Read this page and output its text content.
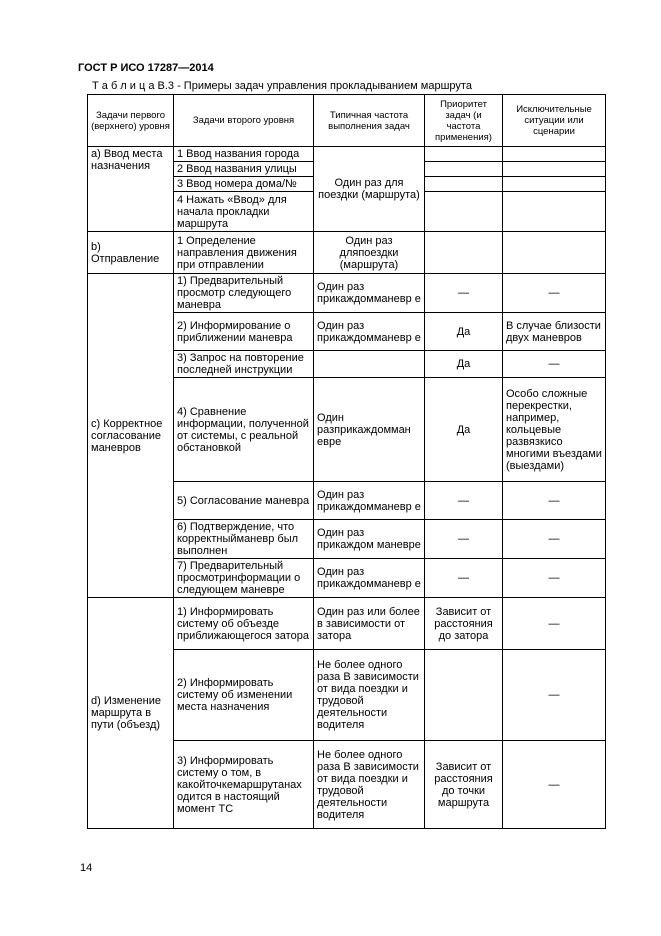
ГОСТ Р ИСО 17287—2014
Т а б л и ц а В.3 - Примеры задач управления прокладыванием маршрута
Задачи первого (верхнего) уровня	Задачи второго уровня	Типичная частота выполнения задач	Приоритет задач (и частота применения)	Исключительные ситуации или сценарии
a) Ввод места назначения	1 Ввод названия города	Один раз для поездки (маршрута)		
	2 Ввод названия улицы			
	3 Ввод номера дома/№			
	4 Нажать «Ввод» для начала прокладки маршрута			
b) Отправление	1 Определение направления движения при отправлении	Один раз дляпоездки (маршрута)		
c) Корректное согласование маневров	1) Предварительный просмотр следующего маневра	Один раз прикаждомманевр е	—	—
	2) Информирование о приближении маневра	Один раз прикаждомманевр е	Да	В случае близости двух маневров
	3) Запрос на повторение последней инструкции		Да	—
	4) Сравнение информации, полученной от системы, с реальной обстановкой	Один разприкаждомман евре	Да	Особо сложные перекрестки, например, кольцевые развязкисо многими въездами (выездами)
	5) Согласование маневра	Один раз прикаждомманевр е	—	—
	6) Подтверждение, что корректныйманевр был выполнен	Один раз прикаждом маневре	—	—
	7) Предварительный просмотринформации о следующем маневре	Один раз прикаждомманевр е	—	—
d) Изменение маршрута в пути (объезд)	1) Информировать систему об объезде приближающегося затора	Один раз или более в зависимости от затора	Зависит от расстояния до затора	—
	2) Информировать систему об изменении места назначения	Не более одного раза В зависимости от вида поездки и трудовой деятельности водителя		—
	3) Информировать систему о том, в какойточкемаршрутанах одится в настоящий момент ТС	Не более одного раза В зависимости от вида поездки и трудовой деятельности водителя	Зависит от расстояния до точки маршрута	—
14
